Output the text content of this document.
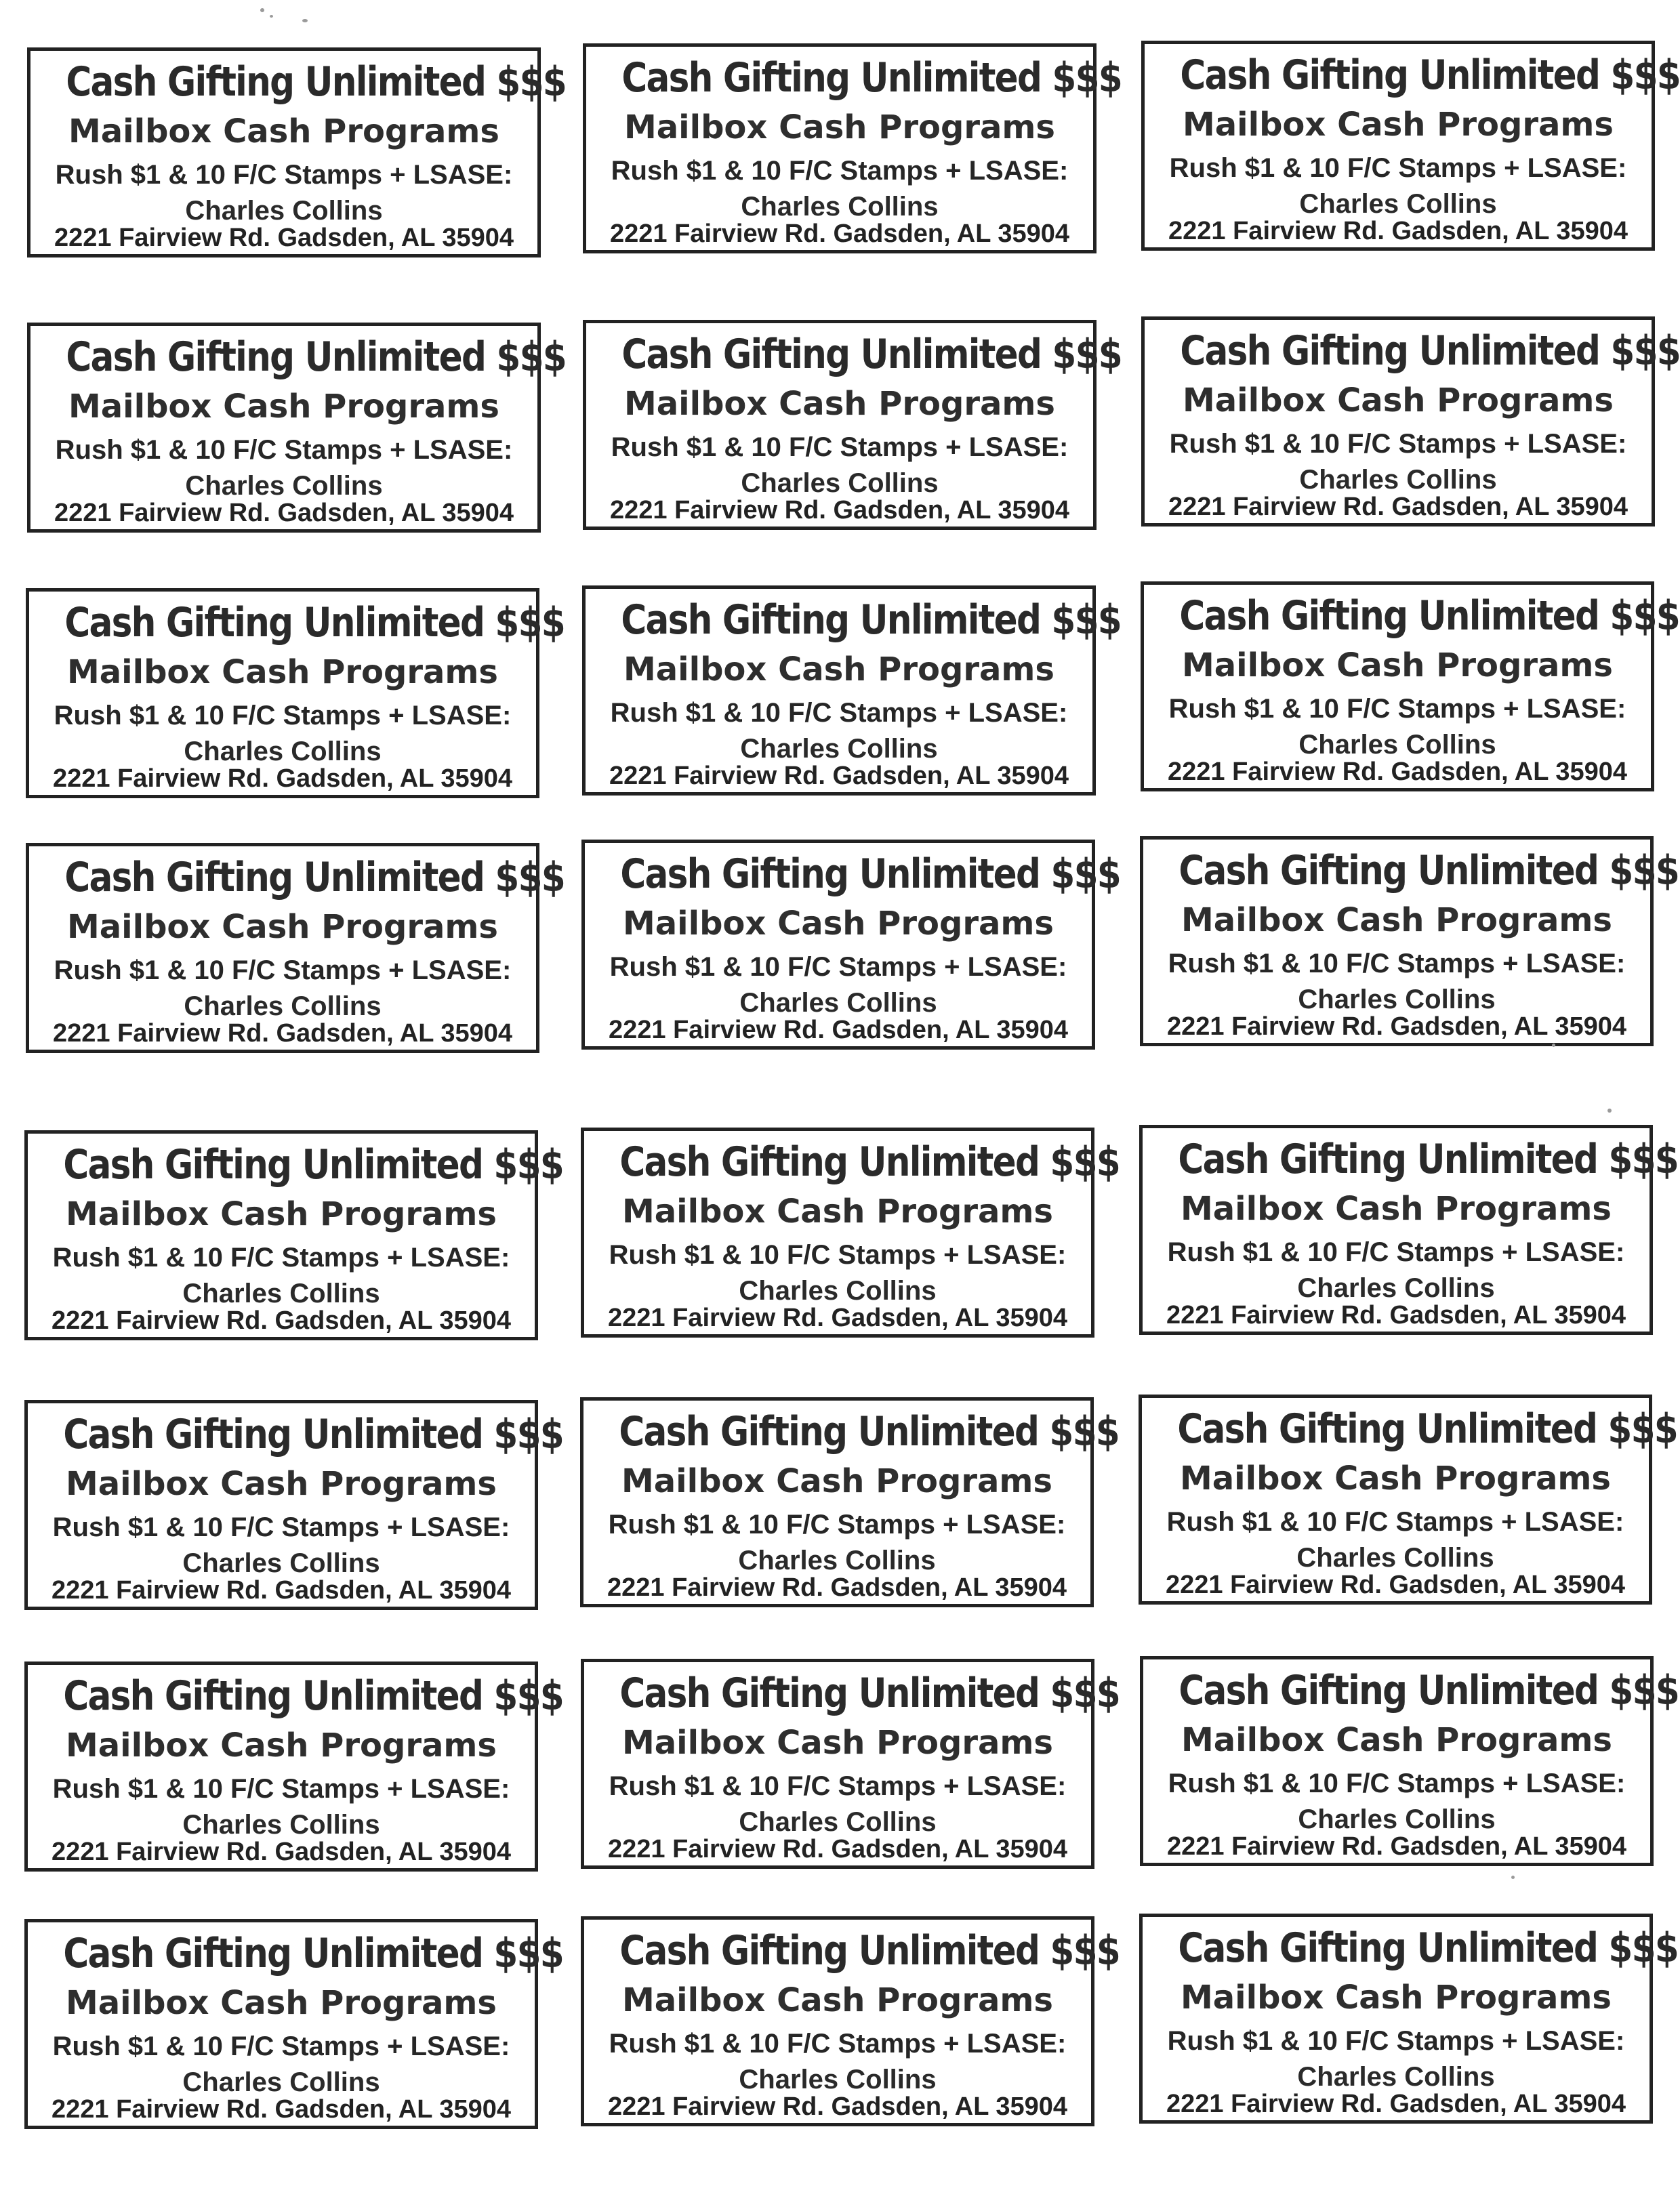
Cash Gifting Unlimited $$$
Mailbox Cash Programs
Rush $1 & 10 F/C Stamps + LSASE:
Charles Collins
2221 Fairview Rd. Gadsden, AL 35904
Cash Gifting Unlimited $$$
Mailbox Cash Programs
Rush $1 & 10 F/C Stamps + LSASE:
Charles Collins
2221 Fairview Rd. Gadsden, AL 35904
Cash Gifting Unlimited $$$
Mailbox Cash Programs
Rush $1 & 10 F/C Stamps + LSASE:
Charles Collins
2221 Fairview Rd. Gadsden, AL 35904
Cash Gifting Unlimited $$$
Mailbox Cash Programs
Rush $1 & 10 F/C Stamps + LSASE:
Charles Collins
2221 Fairview Rd. Gadsden, AL 35904
Cash Gifting Unlimited $$$
Mailbox Cash Programs
Rush $1 & 10 F/C Stamps + LSASE:
Charles Collins
2221 Fairview Rd. Gadsden, AL 35904
Cash Gifting Unlimited $$$
Mailbox Cash Programs
Rush $1 & 10 F/C Stamps + LSASE:
Charles Collins
2221 Fairview Rd. Gadsden, AL 35904
Cash Gifting Unlimited $$$
Mailbox Cash Programs
Rush $1 & 10 F/C Stamps + LSASE:
Charles Collins
2221 Fairview Rd. Gadsden, AL 35904
Cash Gifting Unlimited $$$
Mailbox Cash Programs
Rush $1 & 10 F/C Stamps + LSASE:
Charles Collins
2221 Fairview Rd. Gadsden, AL 35904
Cash Gifting Unlimited $$$
Mailbox Cash Programs
Rush $1 & 10 F/C Stamps + LSASE:
Charles Collins
2221 Fairview Rd. Gadsden, AL 35904
Cash Gifting Unlimited $$$
Mailbox Cash Programs
Rush $1 & 10 F/C Stamps + LSASE:
Charles Collins
2221 Fairview Rd. Gadsden, AL 35904
Cash Gifting Unlimited $$$
Mailbox Cash Programs
Rush $1 & 10 F/C Stamps + LSASE:
Charles Collins
2221 Fairview Rd. Gadsden, AL 35904
Cash Gifting Unlimited $$$
Mailbox Cash Programs
Rush $1 & 10 F/C Stamps + LSASE:
Charles Collins
2221 Fairview Rd. Gadsden, AL 35904
Cash Gifting Unlimited $$$
Mailbox Cash Programs
Rush $1 & 10 F/C Stamps + LSASE:
Charles Collins
2221 Fairview Rd. Gadsden, AL 35904
Cash Gifting Unlimited $$$
Mailbox Cash Programs
Rush $1 & 10 F/C Stamps + LSASE:
Charles Collins
2221 Fairview Rd. Gadsden, AL 35904
Cash Gifting Unlimited $$$
Mailbox Cash Programs
Rush $1 & 10 F/C Stamps + LSASE:
Charles Collins
2221 Fairview Rd. Gadsden, AL 35904
Cash Gifting Unlimited $$$
Mailbox Cash Programs
Rush $1 & 10 F/C Stamps + LSASE:
Charles Collins
2221 Fairview Rd. Gadsden, AL 35904
Cash Gifting Unlimited $$$
Mailbox Cash Programs
Rush $1 & 10 F/C Stamps + LSASE:
Charles Collins
2221 Fairview Rd. Gadsden, AL 35904
Cash Gifting Unlimited $$$
Mailbox Cash Programs
Rush $1 & 10 F/C Stamps + LSASE:
Charles Collins
2221 Fairview Rd. Gadsden, AL 35904
Cash Gifting Unlimited $$$
Mailbox Cash Programs
Rush $1 & 10 F/C Stamps + LSASE:
Charles Collins
2221 Fairview Rd. Gadsden, AL 35904
Cash Gifting Unlimited $$$
Mailbox Cash Programs
Rush $1 & 10 F/C Stamps + LSASE:
Charles Collins
2221 Fairview Rd. Gadsden, AL 35904
Cash Gifting Unlimited $$$
Mailbox Cash Programs
Rush $1 & 10 F/C Stamps + LSASE:
Charles Collins
2221 Fairview Rd. Gadsden, AL 35904
Cash Gifting Unlimited $$$
Mailbox Cash Programs
Rush $1 & 10 F/C Stamps + LSASE:
Charles Collins
2221 Fairview Rd. Gadsden, AL 35904
Cash Gifting Unlimited $$$
Mailbox Cash Programs
Rush $1 & 10 F/C Stamps + LSASE:
Charles Collins
2221 Fairview Rd. Gadsden, AL 35904
Cash Gifting Unlimited $$$
Mailbox Cash Programs
Rush $1 & 10 F/C Stamps + LSASE:
Charles Collins
2221 Fairview Rd. Gadsden, AL 35904
